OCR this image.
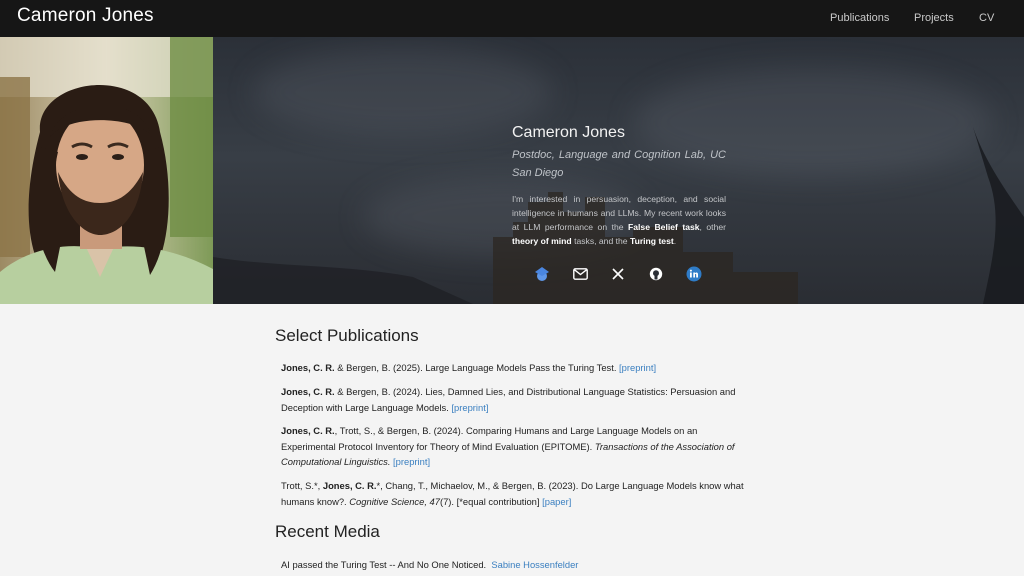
Cameron Jones	Publications Projects CV
Cameron Jones
Postdoc, Language and Cognition Lab, UC San Diego

I'm interested in persuasion, deception, and social intelligence in humans and LLMs. My recent work looks at LLM performance on the False Belief task, other theory of mind tasks, and the Turing test.

Select Publications
Jones, C. R. & Bergen, B. (2025). Large Language Models Pass the Turing Test. [preprint]
Jones, C. R. & Bergen, B. (2024). Lies, Damned Lies, and Distributional Language Statistics: Persuasion and Deception with Large Language Models. [preprint]
Jones, C. R., Trott, S., & Bergen, B. (2024). Comparing Humans and Large Language Models on an Experimental Protocol Inventory for Theory of Mind Evaluation (EPITOME). Transactions of the Association of Computational Linguistics. [preprint]
Trott, S.*, Jones, C. R.*, Chang, T., Michaelov, M., & Bergen, B. (2023). Do Large Language Models know what humans know?. Cognitive Science, 47(7). [*equal contribution] [paper]
Recent Media
AI passed the Turing Test -- And No One Noticed. Sabine Hossenfelder
